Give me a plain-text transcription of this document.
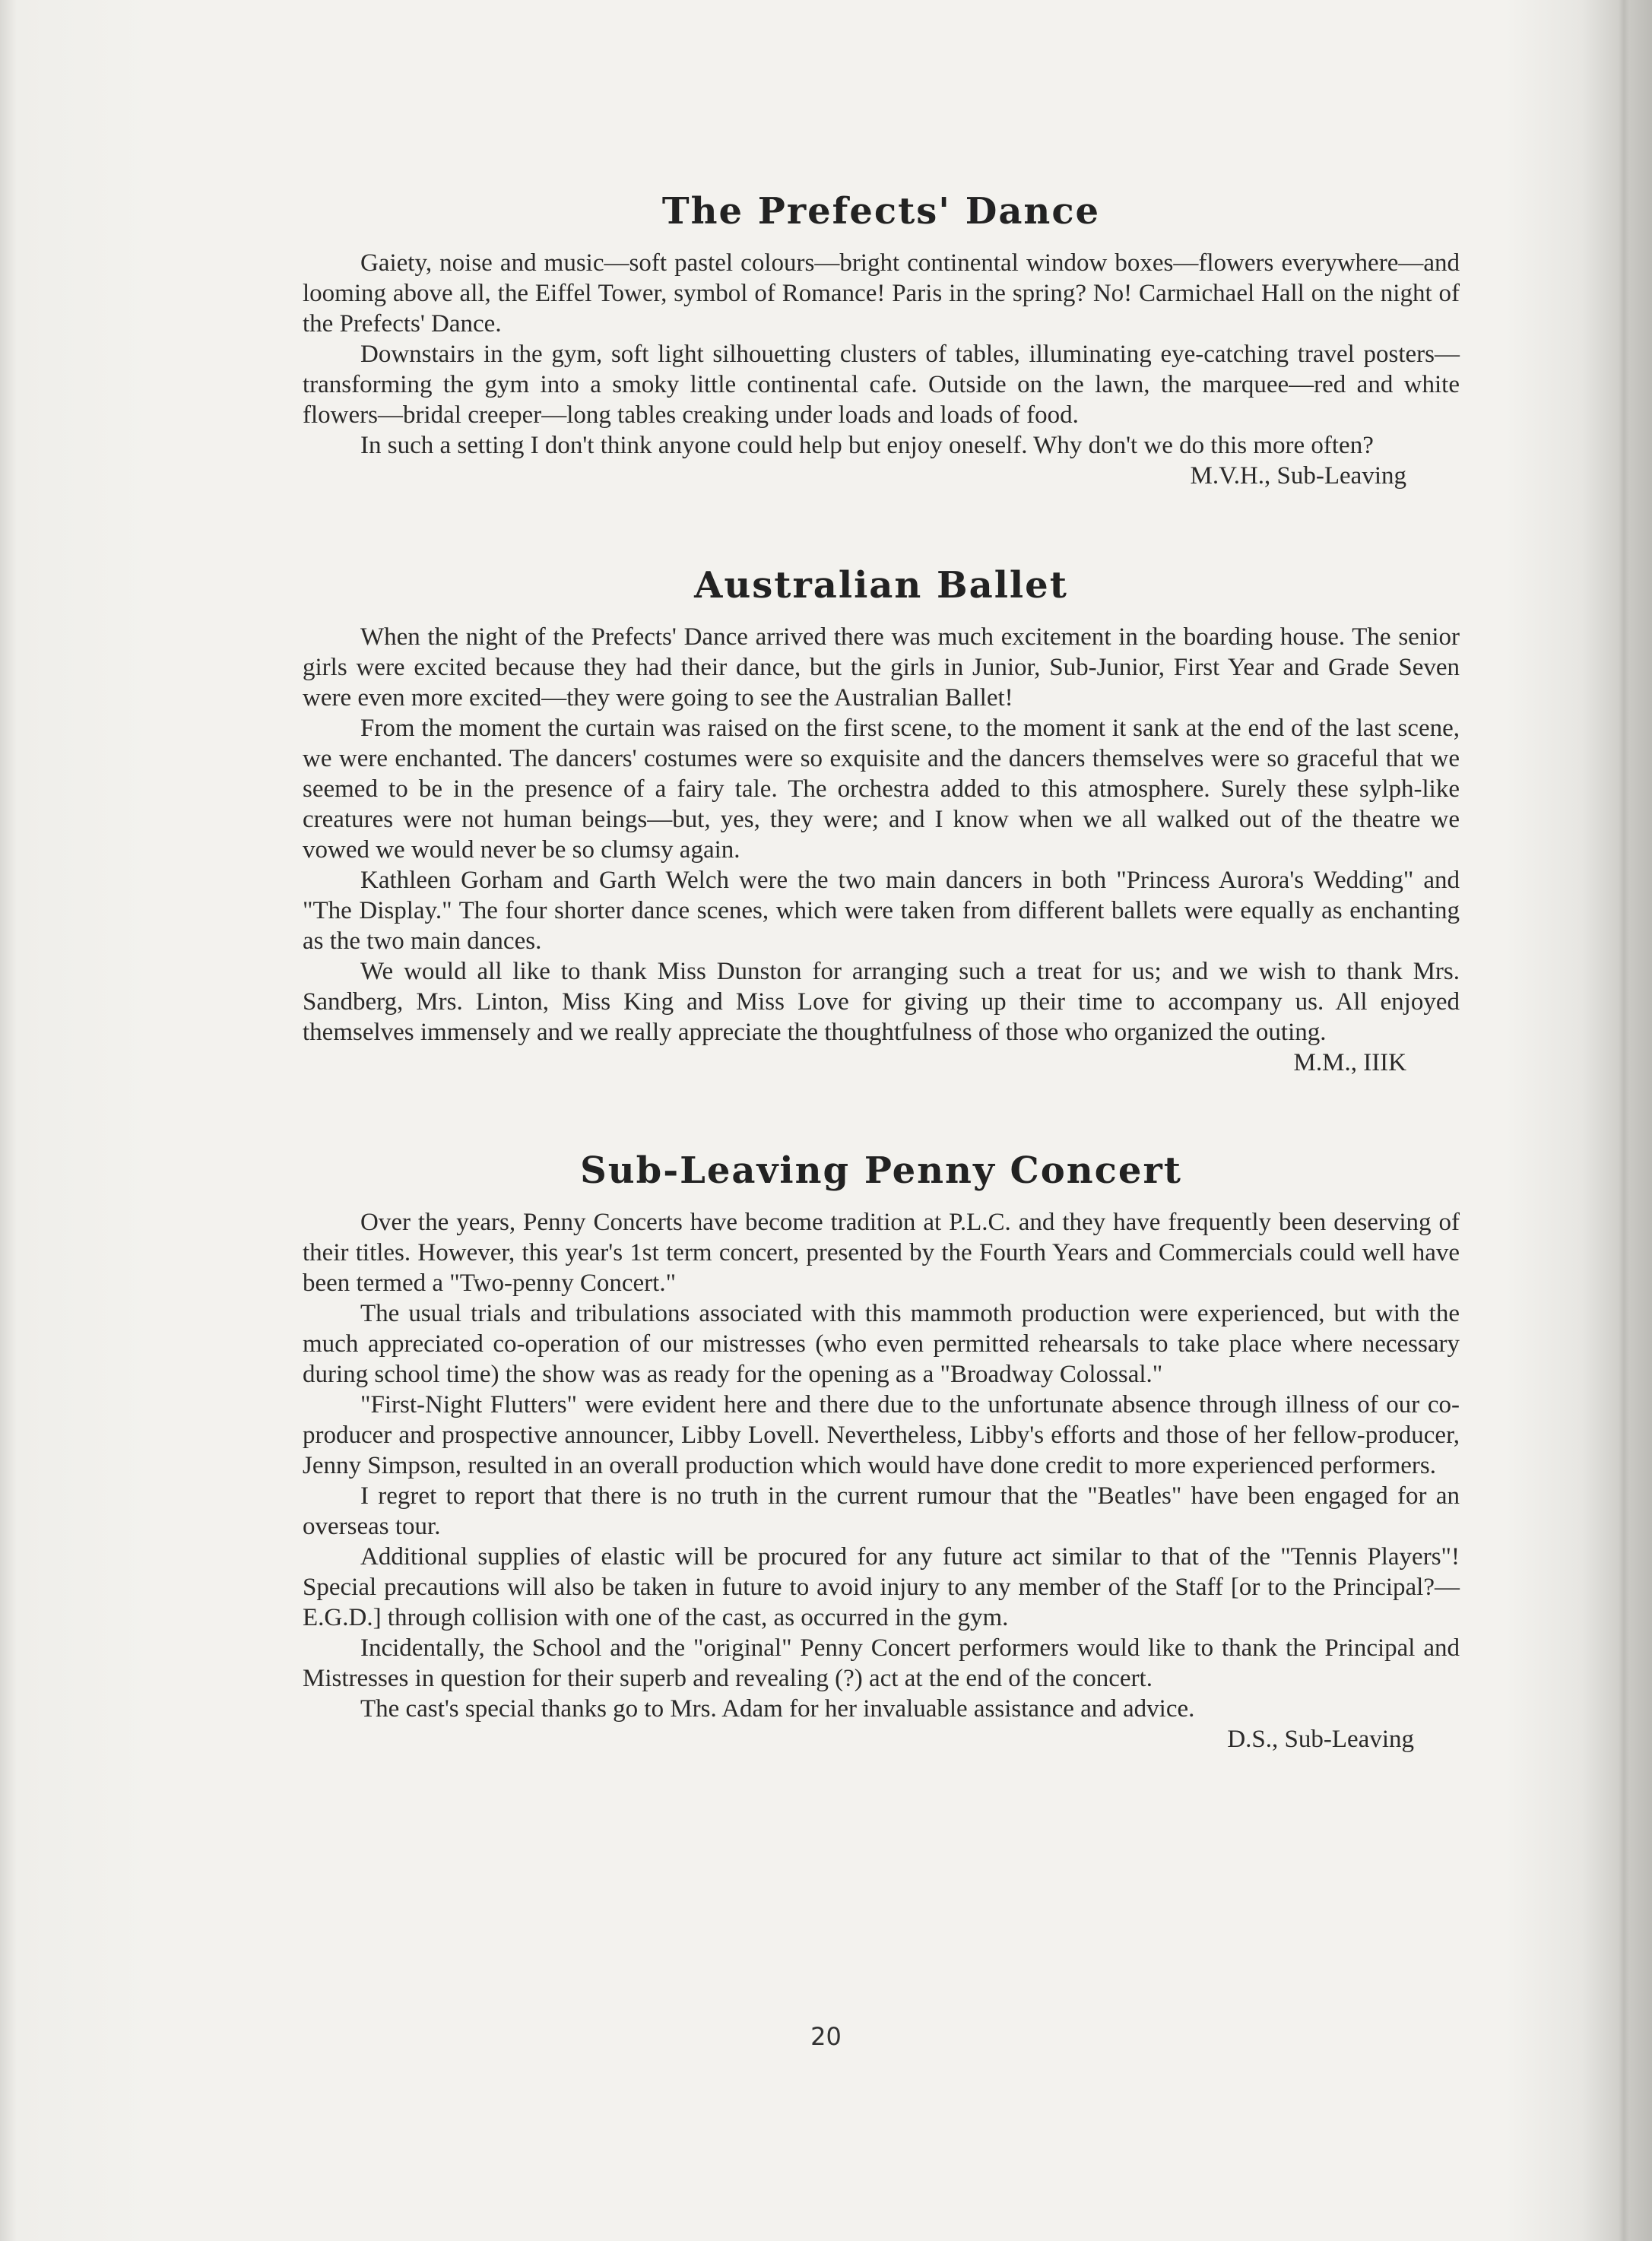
The Prefects' Dance

Gaiety, noise and music—soft pastel colours—bright continental window boxes—flowers everywhere—and looming above all, the Eiffel Tower, symbol of Romance! Paris in the spring? No! Carmichael Hall on the night of the Prefects' Dance.

Downstairs in the gym, soft light silhouetting clusters of tables, illuminating eye-catching travel posters—transforming the gym into a smoky little continental cafe. Outside on the lawn, the marquee—red and white flowers—bridal creeper—long tables creaking under loads and loads of food.

In such a setting I don't think anyone could help but enjoy oneself. Why don't we do this more often?

M.V.H., Sub-Leaving

Australian Ballet

When the night of the Prefects' Dance arrived there was much excitement in the boarding house. The senior girls were excited because they had their dance, but the girls in Junior, Sub-Junior, First Year and Grade Seven were even more excited—they were going to see the Australian Ballet!

From the moment the curtain was raised on the first scene, to the moment it sank at the end of the last scene, we were enchanted. The dancers' costumes were so exquisite and the dancers themselves were so graceful that we seemed to be in the presence of a fairy tale. The orchestra added to this atmosphere. Surely these sylph-like creatures were not human beings—but, yes, they were; and I know when we all walked out of the theatre we vowed we would never be so clumsy again.

Kathleen Gorham and Garth Welch were the two main dancers in both "Princess Aurora's Wedding" and "The Display." The four shorter dance scenes, which were taken from different ballets were equally as enchanting as the two main dances.

We would all like to thank Miss Dunston for arranging such a treat for us; and we wish to thank Mrs. Sandberg, Mrs. Linton, Miss King and Miss Love for giving up their time to accompany us. All enjoyed themselves immensely and we really appreciate the thoughtfulness of those who organized the outing.

M.M., IIIK

Sub-Leaving Penny Concert

Over the years, Penny Concerts have become tradition at P.L.C. and they have frequently been deserving of their titles. However, this year's 1st term concert, presented by the Fourth Years and Commercials could well have been termed a "Two-penny Concert."

The usual trials and tribulations associated with this mammoth production were experienced, but with the much appreciated co-operation of our mistresses (who even permitted rehearsals to take place where necessary during school time) the show was as ready for the opening as a "Broadway Colossal."

"First-Night Flutters" were evident here and there due to the unfortunate absence through illness of our co-producer and prospective announcer, Libby Lovell. Nevertheless, Libby's efforts and those of her fellow-producer, Jenny Simpson, resulted in an overall production which would have done credit to more experienced performers.

I regret to report that there is no truth in the current rumour that the "Beatles" have been engaged for an overseas tour.

Additional supplies of elastic will be procured for any future act similar to that of the "Tennis Players"! Special precautions will also be taken in future to avoid injury to any member of the Staff [or to the Principal?—E.G.D.] through collision with one of the cast, as occurred in the gym.

Incidentally, the School and the "original" Penny Concert performers would like to thank the Principal and Mistresses in question for their superb and revealing (?) act at the end of the concert.

The cast's special thanks go to Mrs. Adam for her invaluable assistance and advice.

D.S., Sub-Leaving

20
